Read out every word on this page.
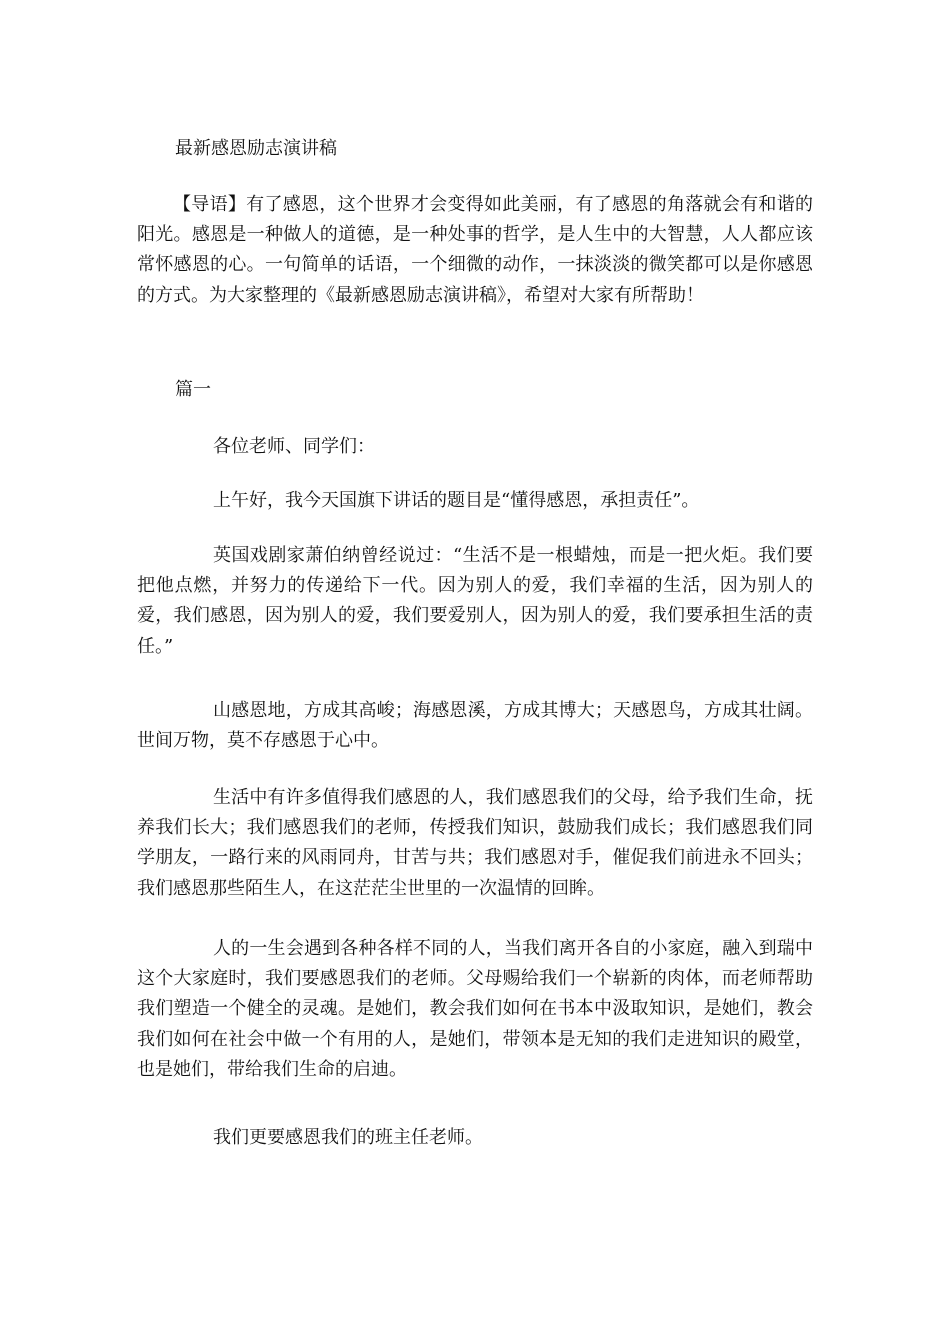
最新感恩励志演讲稿

【导语】有了感恩，这个世界才会变得如此美丽，有了感恩的角落就会有和谐的阳光。感恩是一种做人的道德，是一种处事的哲学，是人生中的大智慧，人人都应该常怀感恩的心。一句简单的话语，一个细微的动作，一抹淡淡的微笑都可以是你感恩的方式。为大家整理的《最新感恩励志演讲稿》，希望对大家有所帮助！

篇一

各位老师、同学们：

上午好，我今天国旗下讲话的题目是“懂得感恩，承担责任”。

英国戏剧家萧伯纳曾经说过：“生活不是一根蜡烛，而是一把火炬。我们要把他点燃，并努力的传递给下一代。因为别人的爱，我们幸福的生活，因为别人的爱，我们感恩，因为别人的爱，我们要爱别人，因为别人的爱，我们要承担生活的责任。”

山感恩地，方成其高峻；海感恩溪，方成其博大；天感恩鸟，方成其壮阔。世间万物，莫不存感恩于心中。

生活中有许多值得我们感恩的人，我们感恩我们的父母，给予我们生命，抚养我们长大；我们感恩我们的老师，传授我们知识，鼓励我们成长；我们感恩我们同学朋友，一路行来的风雨同舟，甘苦与共；我们感恩对手，催促我们前进永不回头；我们感恩那些陌生人，在这茫茫尘世里的一次温情的回眸。

人的一生会遇到各种各样不同的人，当我们离开各自的小家庭，融入到瑞中这个大家庭时，我们要感恩我们的老师。父母赐给我们一个崭新的肉体，而老师帮助我们塑造一个健全的灵魂。是她们，教会我们如何在书本中汲取知识，是她们，教会我们如何在社会中做一个有用的人，是她们，带领本是无知的我们走进知识的殿堂，也是她们，带给我们生命的启迪。

我们更要感恩我们的班主任老师。
